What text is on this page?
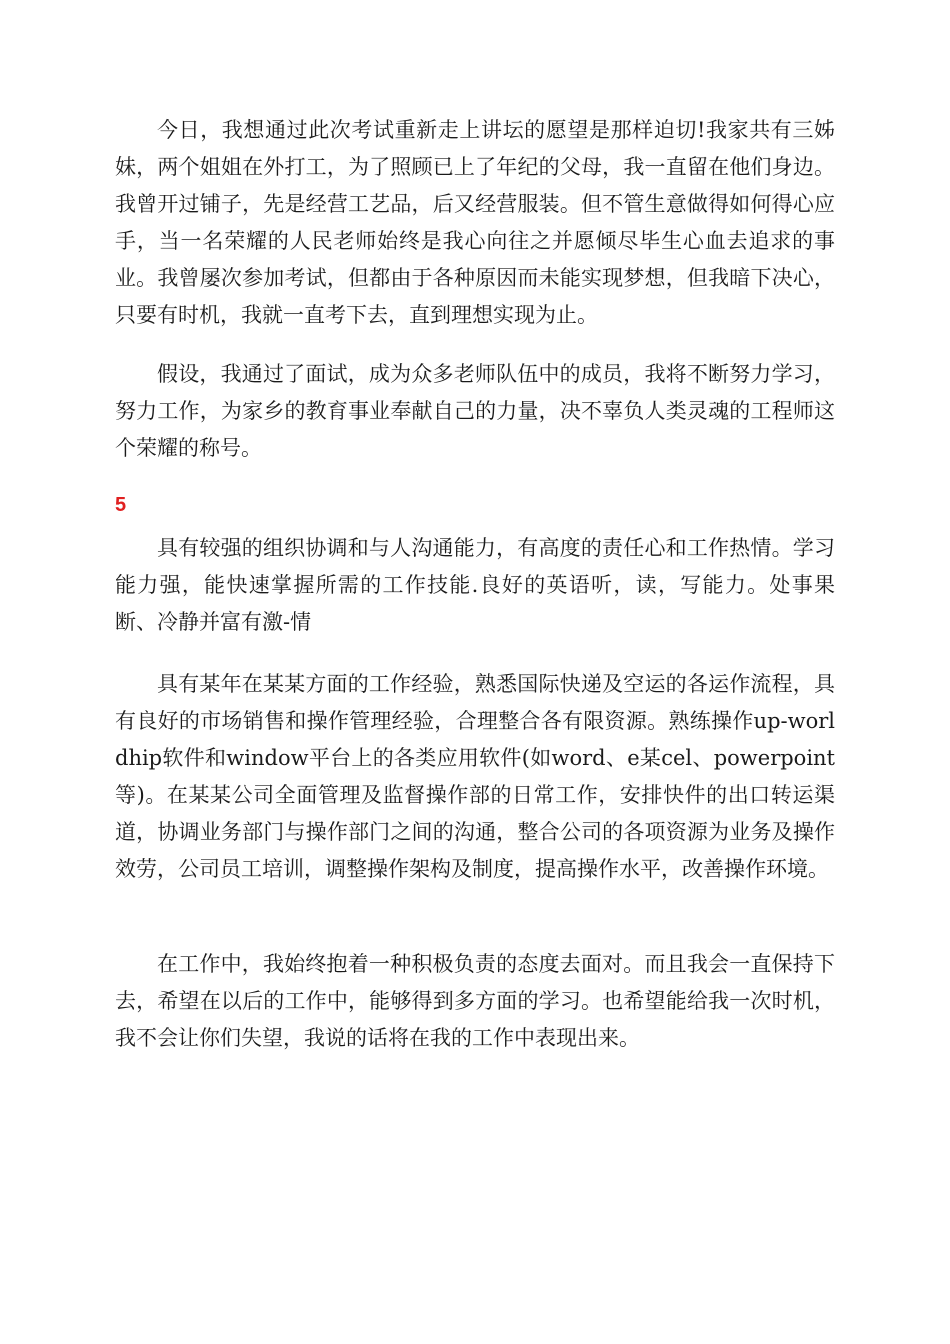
今日，我想通过此次考试重新走上讲坛的愿望是那样迫切!我家共有三姊妹，两个姐姐在外打工，为了照顾已上了年纪的父母，我一直留在他们身边。我曾开过铺子，先是经营工艺品，后又经营服装。但不管生意做得如何得心应手，当一名荣耀的人民老师始终是我心向往之并愿倾尽毕生心血去追求的事业。我曾屡次参加考试，但都由于各种原因而未能实现梦想，但我暗下决心，只要有时机，我就一直考下去，直到理想实现为止。

假设，我通过了面试，成为众多老师队伍中的成员，我将不断努力学习，努力工作，为家乡的教育事业奉献自己的力量，决不辜负人类灵魂的工程师这个荣耀的称号。

5

具有较强的组织协调和与人沟通能力，有高度的责任心和工作热情。学习能力强，能快速掌握所需的工作技能.良好的英语听，读，写能力。处事果断、冷静并富有激-情

具有某年在某某方面的工作经验，熟悉国际快递及空运的各运作流程，具有良好的市场销售和操作管理经验，合理整合各有限资源。熟练操作up-worldhip软件和window平台上的各类应用软件(如word、e某cel、powerpoint等)。在某某公司全面管理及监督操作部的日常工作，安排快件的出口转运渠道，协调业务部门与操作部门之间的沟通，整合公司的各项资源为业务及操作效劳，公司员工培训，调整操作架构及制度，提高操作水平，改善操作环境。

在工作中，我始终抱着一种积极负责的态度去面对。而且我会一直保持下去，希望在以后的工作中，能够得到多方面的学习。也希望能给我一次时机，我不会让你们失望，我说的话将在我的工作中表现出来。
